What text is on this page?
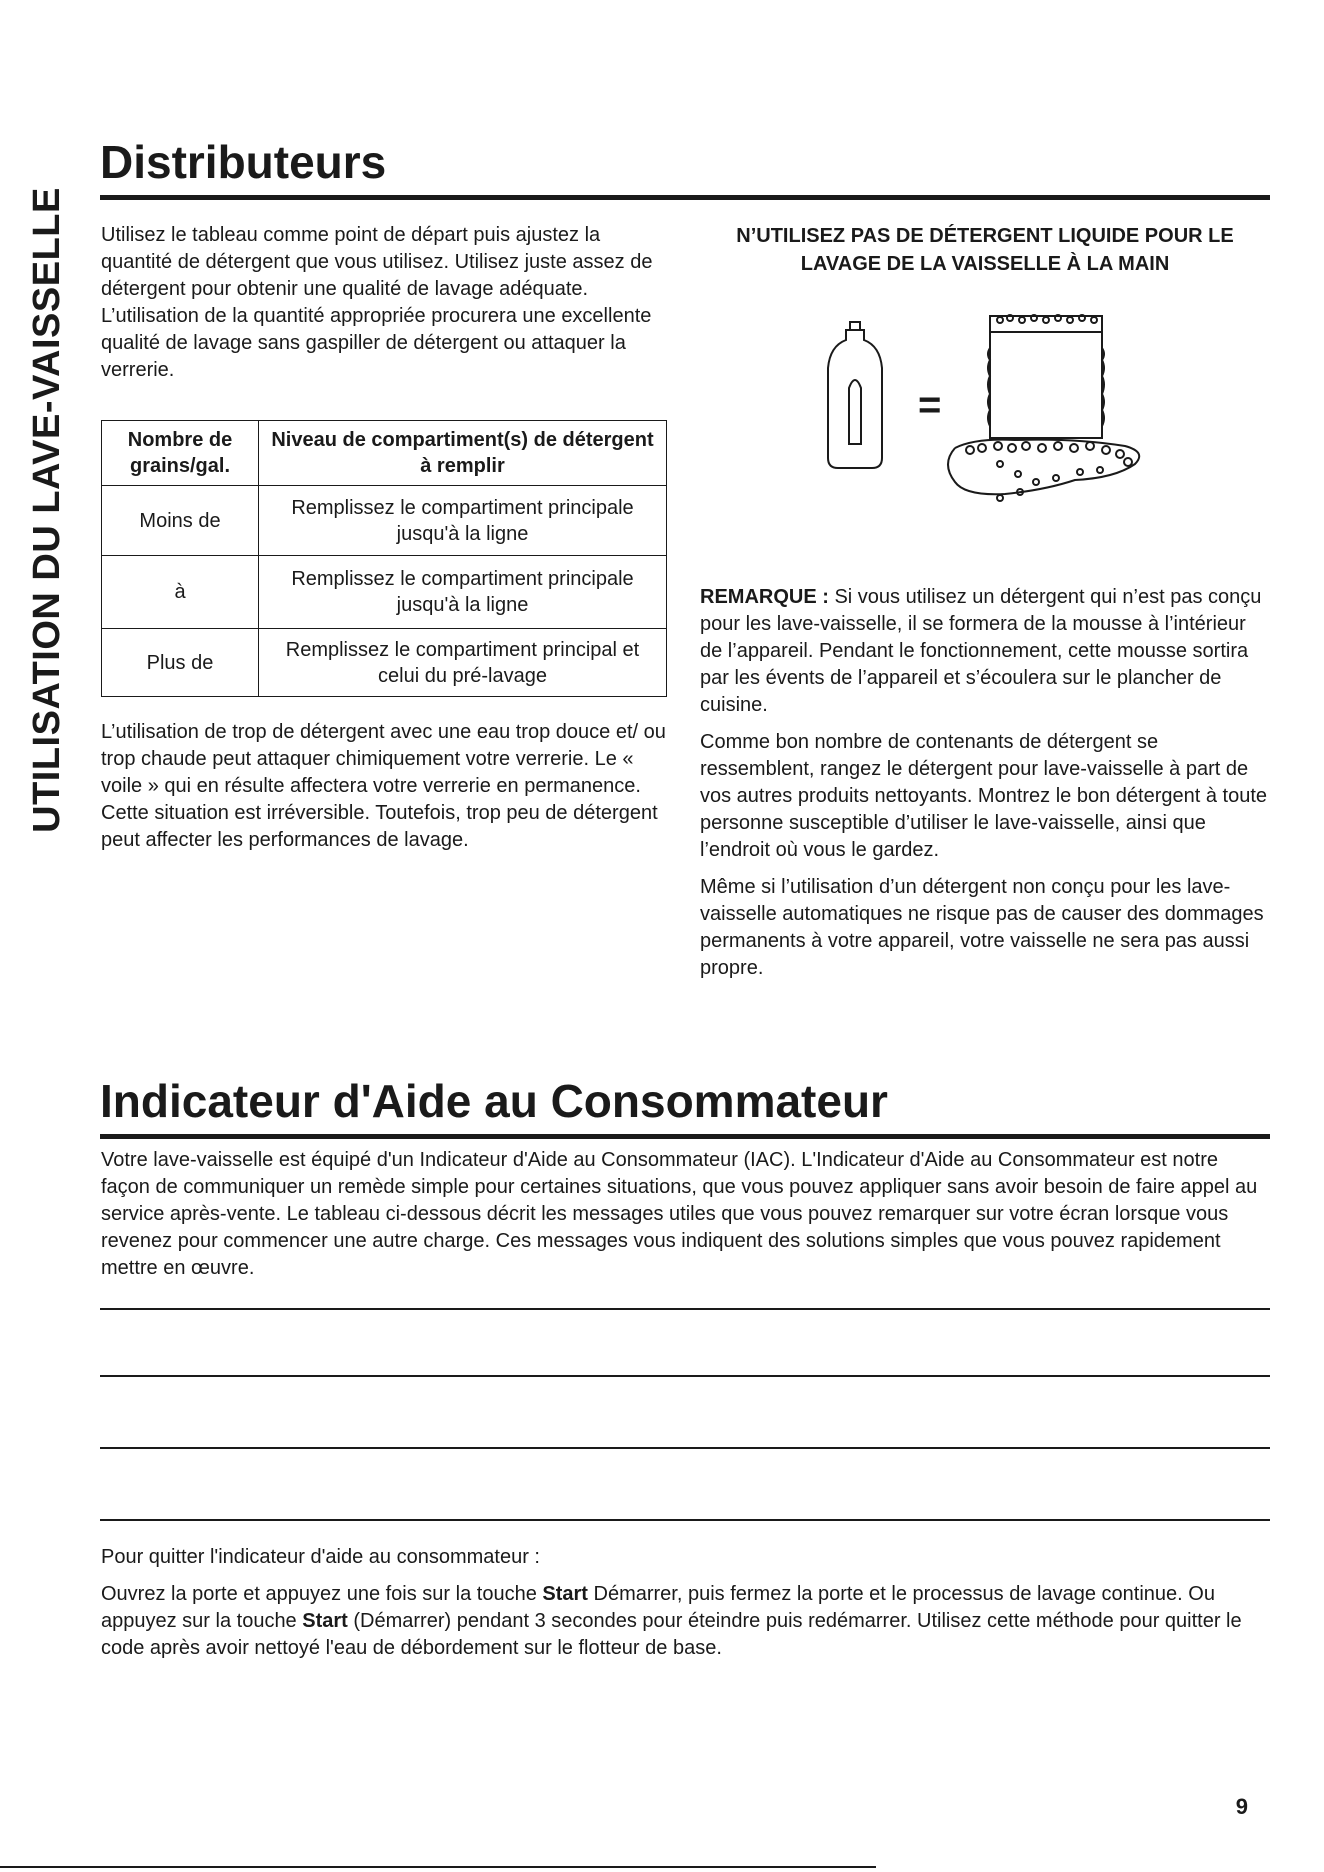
UTILISATION DU LAVE-VAISSELLE
Distributeurs

Utilisez le tableau comme point de départ puis ajustez la quantité de détergent que vous utilisez. Utilisez juste assez de détergent pour obtenir une qualité de lavage adéquate. L’utilisation de la quantité appropriée procurera une excellente qualité de lavage sans gaspiller de détergent ou attaquer la verrerie.

Nombre de grains/gal.	Niveau de compartiment(s) de détergent à remplir
Moins de	Remplissez le compartiment principale jusqu'à la ligne
à	Remplissez le compartiment principale jusqu'à la ligne
Plus de	Remplissez le compartiment principal et celui du pré-lavage

L’utilisation de trop de détergent avec une eau trop douce et/ ou trop chaude peut attaquer chimiquement votre verrerie. Le « voile » qui en résulte affectera votre verrerie en permanence. Cette situation est irréversible. Toutefois, trop peu de détergent peut affecter les performances de lavage.

N’UTILISEZ PAS DE DÉTERGENT LIQUIDE POUR LE LAVAGE DE LA VAISSELLE À LA MAIN

=

REMARQUE : Si vous utilisez un détergent qui n’est pas conçu pour les lave-vaisselle, il se formera de la mousse à l’intérieur de l’appareil. Pendant le fonctionnement, cette mousse sortira par les évents de l’appareil et s’écoulera sur le plancher de cuisine.

Comme bon nombre de contenants de détergent se ressemblent, rangez le détergent pour lave-vaisselle à part de vos autres produits nettoyants. Montrez le bon détergent à toute personne susceptible d’utiliser le lave-vaisselle, ainsi que l’endroit où vous le gardez.

Même si l’utilisation d’un détergent non conçu pour les lave-vaisselle automatiques ne risque pas de causer des dommages permanents à votre appareil, votre vaisselle ne sera pas aussi propre.

Indicateur d'Aide au Consommateur

Votre lave-vaisselle est équipé d'un Indicateur d'Aide au Consommateur (IAC). L'Indicateur d'Aide au Consommateur est notre façon de communiquer un remède simple pour certaines situations, que vous pouvez appliquer sans avoir besoin de faire appel au service après-vente. Le tableau ci-dessous décrit les messages utiles que vous pouvez remarquer sur votre écran lorsque vous revenez pour commencer une autre charge. Ces messages vous indiquent des solutions simples que vous pouvez rapidement mettre en œuvre.

Pour quitter l'indicateur d'aide au consommateur :

Ouvrez la porte et appuyez une fois sur la touche Start Démarrer, puis fermez la porte et le processus de lavage continue. Ou appuyez sur la touche Start (Démarrer) pendant 3 secondes pour éteindre puis redémarrer. Utilisez cette méthode pour quitter le code après avoir nettoyé l'eau de débordement sur le flotteur de base.

9
